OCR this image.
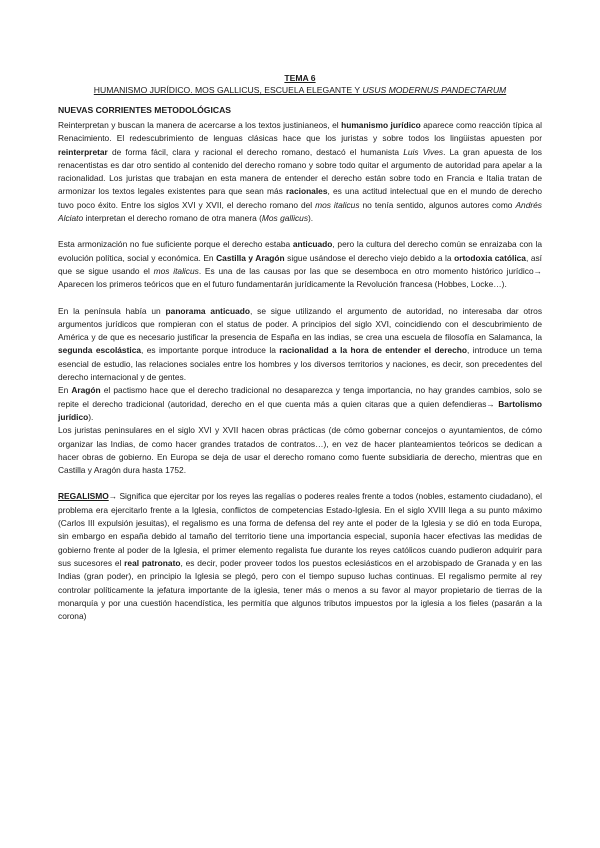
TEMA 6
HUMANISMO JURÍDICO. MOS GALLICUS, ESCUELA ELEGANTE Y USUS MODERNUS PANDECTARUM
NUEVAS CORRIENTES METODOLÓGICAS

Reinterpretan y buscan la manera de acercarse a los textos justinianeos, el humanismo jurídico aparece como reacción típica al Renacimiento. El redescubrimiento de lenguas clásicas hace que los juristas y sobre todos los lingüistas apuesten por reinterpretar de forma fácil, clara y racional el derecho romano, destacó el humanista Luis Vives. La gran apuesta de los renacentistas es dar otro sentido al contenido del derecho romano y sobre todo quitar el argumento de autoridad para apelar a la racionalidad. Los juristas que trabajan en esta manera de entender el derecho están sobre todo en Francia e Italia tratan de armonizar los textos legales existentes para que sean más racionales, es una actitud intelectual que en el mundo de derecho tuvo poco éxito. Entre los siglos XVI y XVII, el derecho romano del mos italicus no tenía sentido, algunos autores como Andrés Alciato interpretan el derecho romano de otra manera (Mos gallicus).

Esta armonización no fue suficiente porque el derecho estaba anticuado, pero la cultura del derecho común se enraizaba con la evolución política, social y económica. En Castilla y Aragón sigue usándose el derecho viejo debido a la ortodoxia católica, así que se sigue usando el mos italicus. Es una de las causas por las que se desemboca en otro momento histórico jurídico→ Aparecen los primeros teóricos que en el futuro fundamentarán jurídicamente la Revolución francesa (Hobbes, Locke…).

En la península había un panorama anticuado, se sigue utilizando el argumento de autoridad, no interesaba dar otros argumentos jurídicos que rompieran con el status de poder. A principios del siglo XVI, coincidiendo con el descubrimiento de América y de que es necesario justificar la presencia de España en las indias, se crea una escuela de filosofía en Salamanca, la segunda escolástica, es importante porque introduce la racionalidad a la hora de entender el derecho, introduce un tema esencial de estudio, las relaciones sociales entre los hombres y los diversos territorios y naciones, es decir, son precedentes del derecho internacional y de gentes.

En Aragón el pactismo hace que el derecho tradicional no desaparezca y tenga importancia, no hay grandes cambios, solo se repite el derecho tradicional (autoridad, derecho en el que cuenta más a quien citaras que a quien defendieras→ Bartolismo jurídico).

Los juristas peninsulares en el siglo XVI y XVII hacen obras prácticas (de cómo gobernar concejos o ayuntamientos, de cómo organizar las Indias, de como hacer grandes tratados de contratos…), en vez de hacer planteamientos teóricos se dedican a hacer obras de gobierno. En Europa se deja de usar el derecho romano como fuente subsidiaria de derecho, mientras que en Castilla y Aragón dura hasta 1752.

REGALISMO→ Significa que ejercitar por los reyes las regalías o poderes reales frente a todos (nobles, estamento ciudadano), el problema era ejercitarlo frente a la Iglesia, conflictos de competencias Estado-Iglesia. En el siglo XVIII llega a su punto máximo (Carlos III expulsión jesuitas), el regalismo es una forma de defensa del rey ante el poder de la Iglesia y se dió en toda Europa, sin embargo en españa debido al tamaño del territorio tiene una importancia especial, suponía hacer efectivas las medidas de gobierno frente al poder de la Iglesia, el primer elemento regalista fue durante los reyes católicos cuando pudieron adquirir para sus sucesores el real patronato, es decir, poder proveer todos los puestos eclesiásticos en el arzobispado de Granada y en las Indias (gran poder), en principio la Iglesia se plegó, pero con el tiempo supuso luchas continuas. El regalismo permite al rey controlar políticamente la jefatura importante de la iglesia, tener más o menos a su favor al mayor propietario de tierras de la monarquía y por una cuestión hacendística, les permitía que algunos tributos impuestos por la iglesia a los fieles (pasarán a la corona)
